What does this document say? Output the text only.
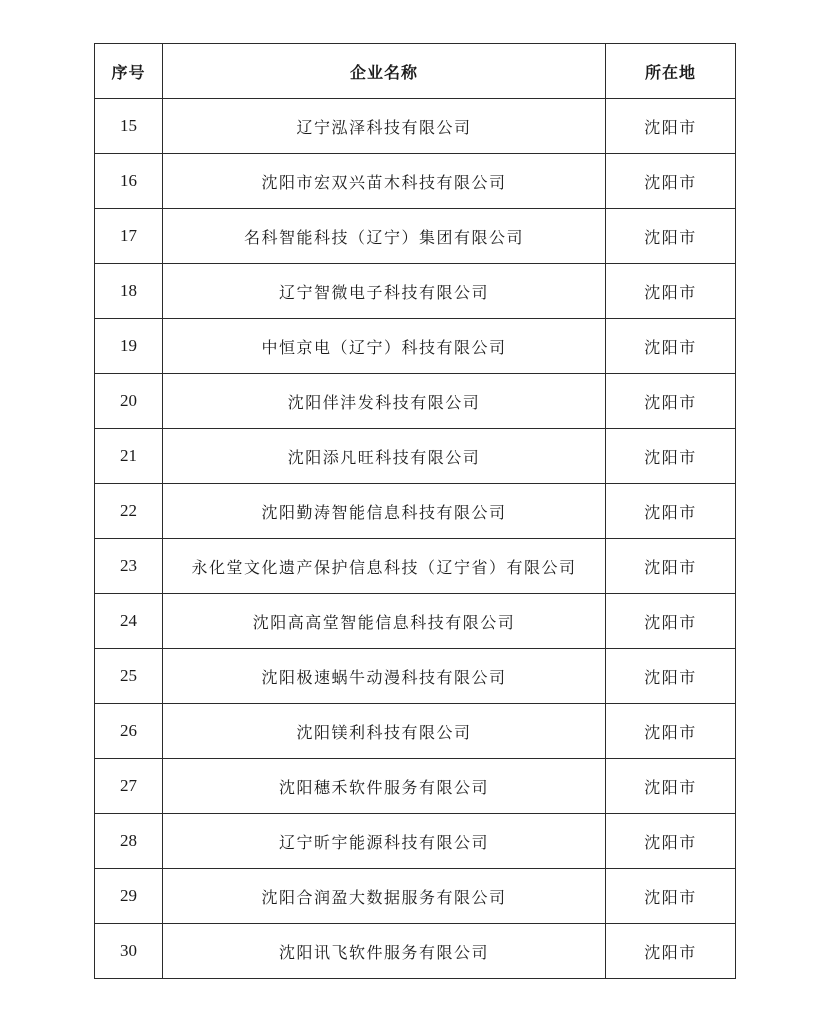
序号	企业名称	所在地
15	辽宁泓泽科技有限公司	沈阳市
16	沈阳市宏双兴苗木科技有限公司	沈阳市
17	名科智能科技（辽宁）集团有限公司	沈阳市
18	辽宁智微电子科技有限公司	沈阳市
19	中恒京电（辽宁）科技有限公司	沈阳市
20	沈阳伴沣发科技有限公司	沈阳市
21	沈阳添凡旺科技有限公司	沈阳市
22	沈阳勤涛智能信息科技有限公司	沈阳市
23	永化堂文化遗产保护信息科技（辽宁省）有限公司	沈阳市
24	沈阳高高堂智能信息科技有限公司	沈阳市
25	沈阳极速蜗牛动漫科技有限公司	沈阳市
26	沈阳镁利科技有限公司	沈阳市
27	沈阳穗禾软件服务有限公司	沈阳市
28	辽宁昕宇能源科技有限公司	沈阳市
29	沈阳合润盈大数据服务有限公司	沈阳市
30	沈阳讯飞软件服务有限公司	沈阳市
